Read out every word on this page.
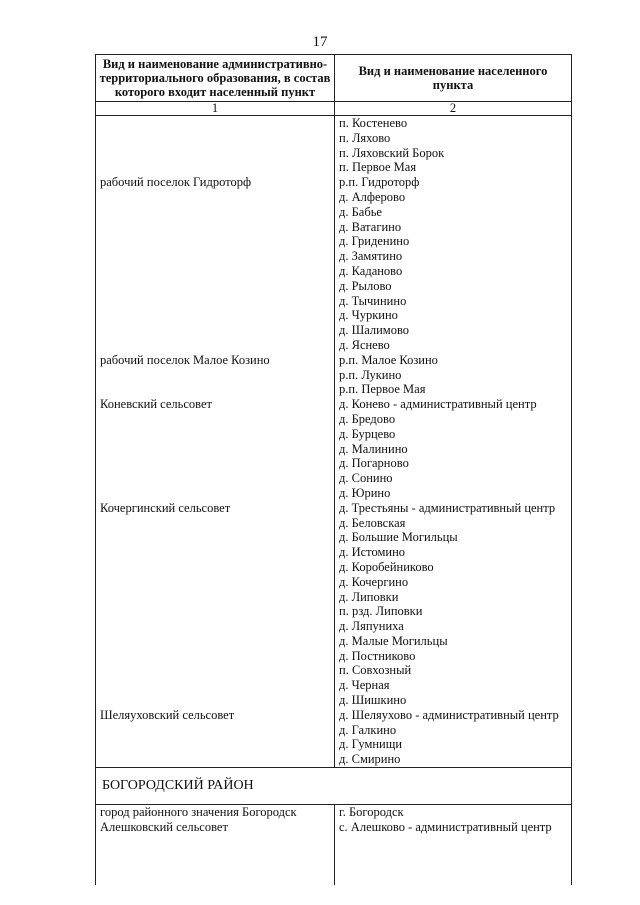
17
Вид и наименование административно-территориального образования, в состав которого входит населенный пункт	Вид и наименование населенного пункта
1	2
	п. Костенево
	п. Ляхово
	п. Ляховский Борок
	п. Первое Мая
рабочий поселок Гидроторф	р.п. Гидроторф
	д. Алферово
	д. Бабье
	д. Ватагино
	д. Гриденино
	д. Замятино
	д. Каданово
	д. Рылово
	д. Тычинино
	д. Чуркино
	д. Шалимово
	д. Яснево
рабочий поселок Малое Козино	р.п. Малое Козино
	р.п. Лукино
	р.п. Первое Мая
Коневский сельсовет	д. Конево - административный центр
	д. Бредово
	д. Бурцево
	д. Малинино
	д. Погарново
	д. Сонино
	д. Юрино
Кочергинский сельсовет	д. Трестьяны - административный центр
	д. Беловская
	д. Большие Могильцы
	д. Истомино
	д. Коробейниково
	д. Кочергино
	д. Липовки
	п. рзд. Липовки
	д. Ляпуниха
	д. Малые Могильцы
	д. Постниково
	п. Совхозный
	д. Черная
	д. Шишкино
Шеляуховский сельсовет	д. Шеляухово - административный центр
	д. Галкино
	д. Гумнищи
	д. Смирино
БОГОРОДСКИЙ РАЙОН	
город районного значения Богородск	г. Богородск
Алешковский сельсовет	с. Алешково - административный центр
